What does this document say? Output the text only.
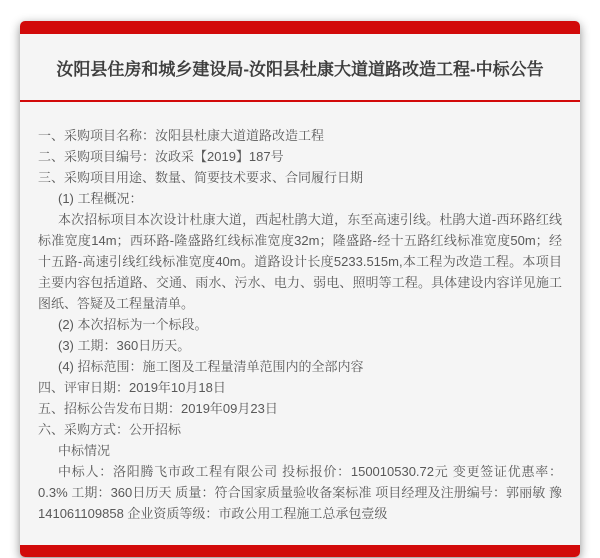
汝阳县住房和城乡建设局-汝阳县杜康大道道路改造工程-中标公告

一、采购项目名称：汝阳县杜康大道道路改造工程

二、采购项目编号：汝政采【2019】187号

三、采购项目用途、数量、简要技术要求、合同履行日期

(1) 工程概况：

本次招标项目本次设计杜康大道，西起杜鹃大道，东至高速引线。杜鹃大道-西环路红线标准宽度14m；西环路-隆盛路红线标准宽度32m；隆盛路-经十五路红线标准宽度50m；经十五路-高速引线红线标准宽度40m。道路设计长度5233.515m,本工程为改造工程。本项目主要内容包括道路、交通、雨水、污水、电力、弱电、照明等工程。具体建设内容详见施工图纸、答疑及工程量清单。

(2) 本次招标为一个标段。

(3) 工期：360日历天。

(4) 招标范围：施工图及工程量清单范围内的全部内容

四、评审日期：2019年10月18日

五、招标公告发布日期：2019年09月23日

六、采购方式：公开招标

中标情况

中标人：洛阳腾飞市政工程有限公司 投标报价：150010530.72元 变更签证优惠率：0.3% 工期：360日历天 质量：符合国家质量验收备案标准 项目经理及注册编号：郭丽敏 豫141061109858 企业资质等级：市政公用工程施工总承包壹级
